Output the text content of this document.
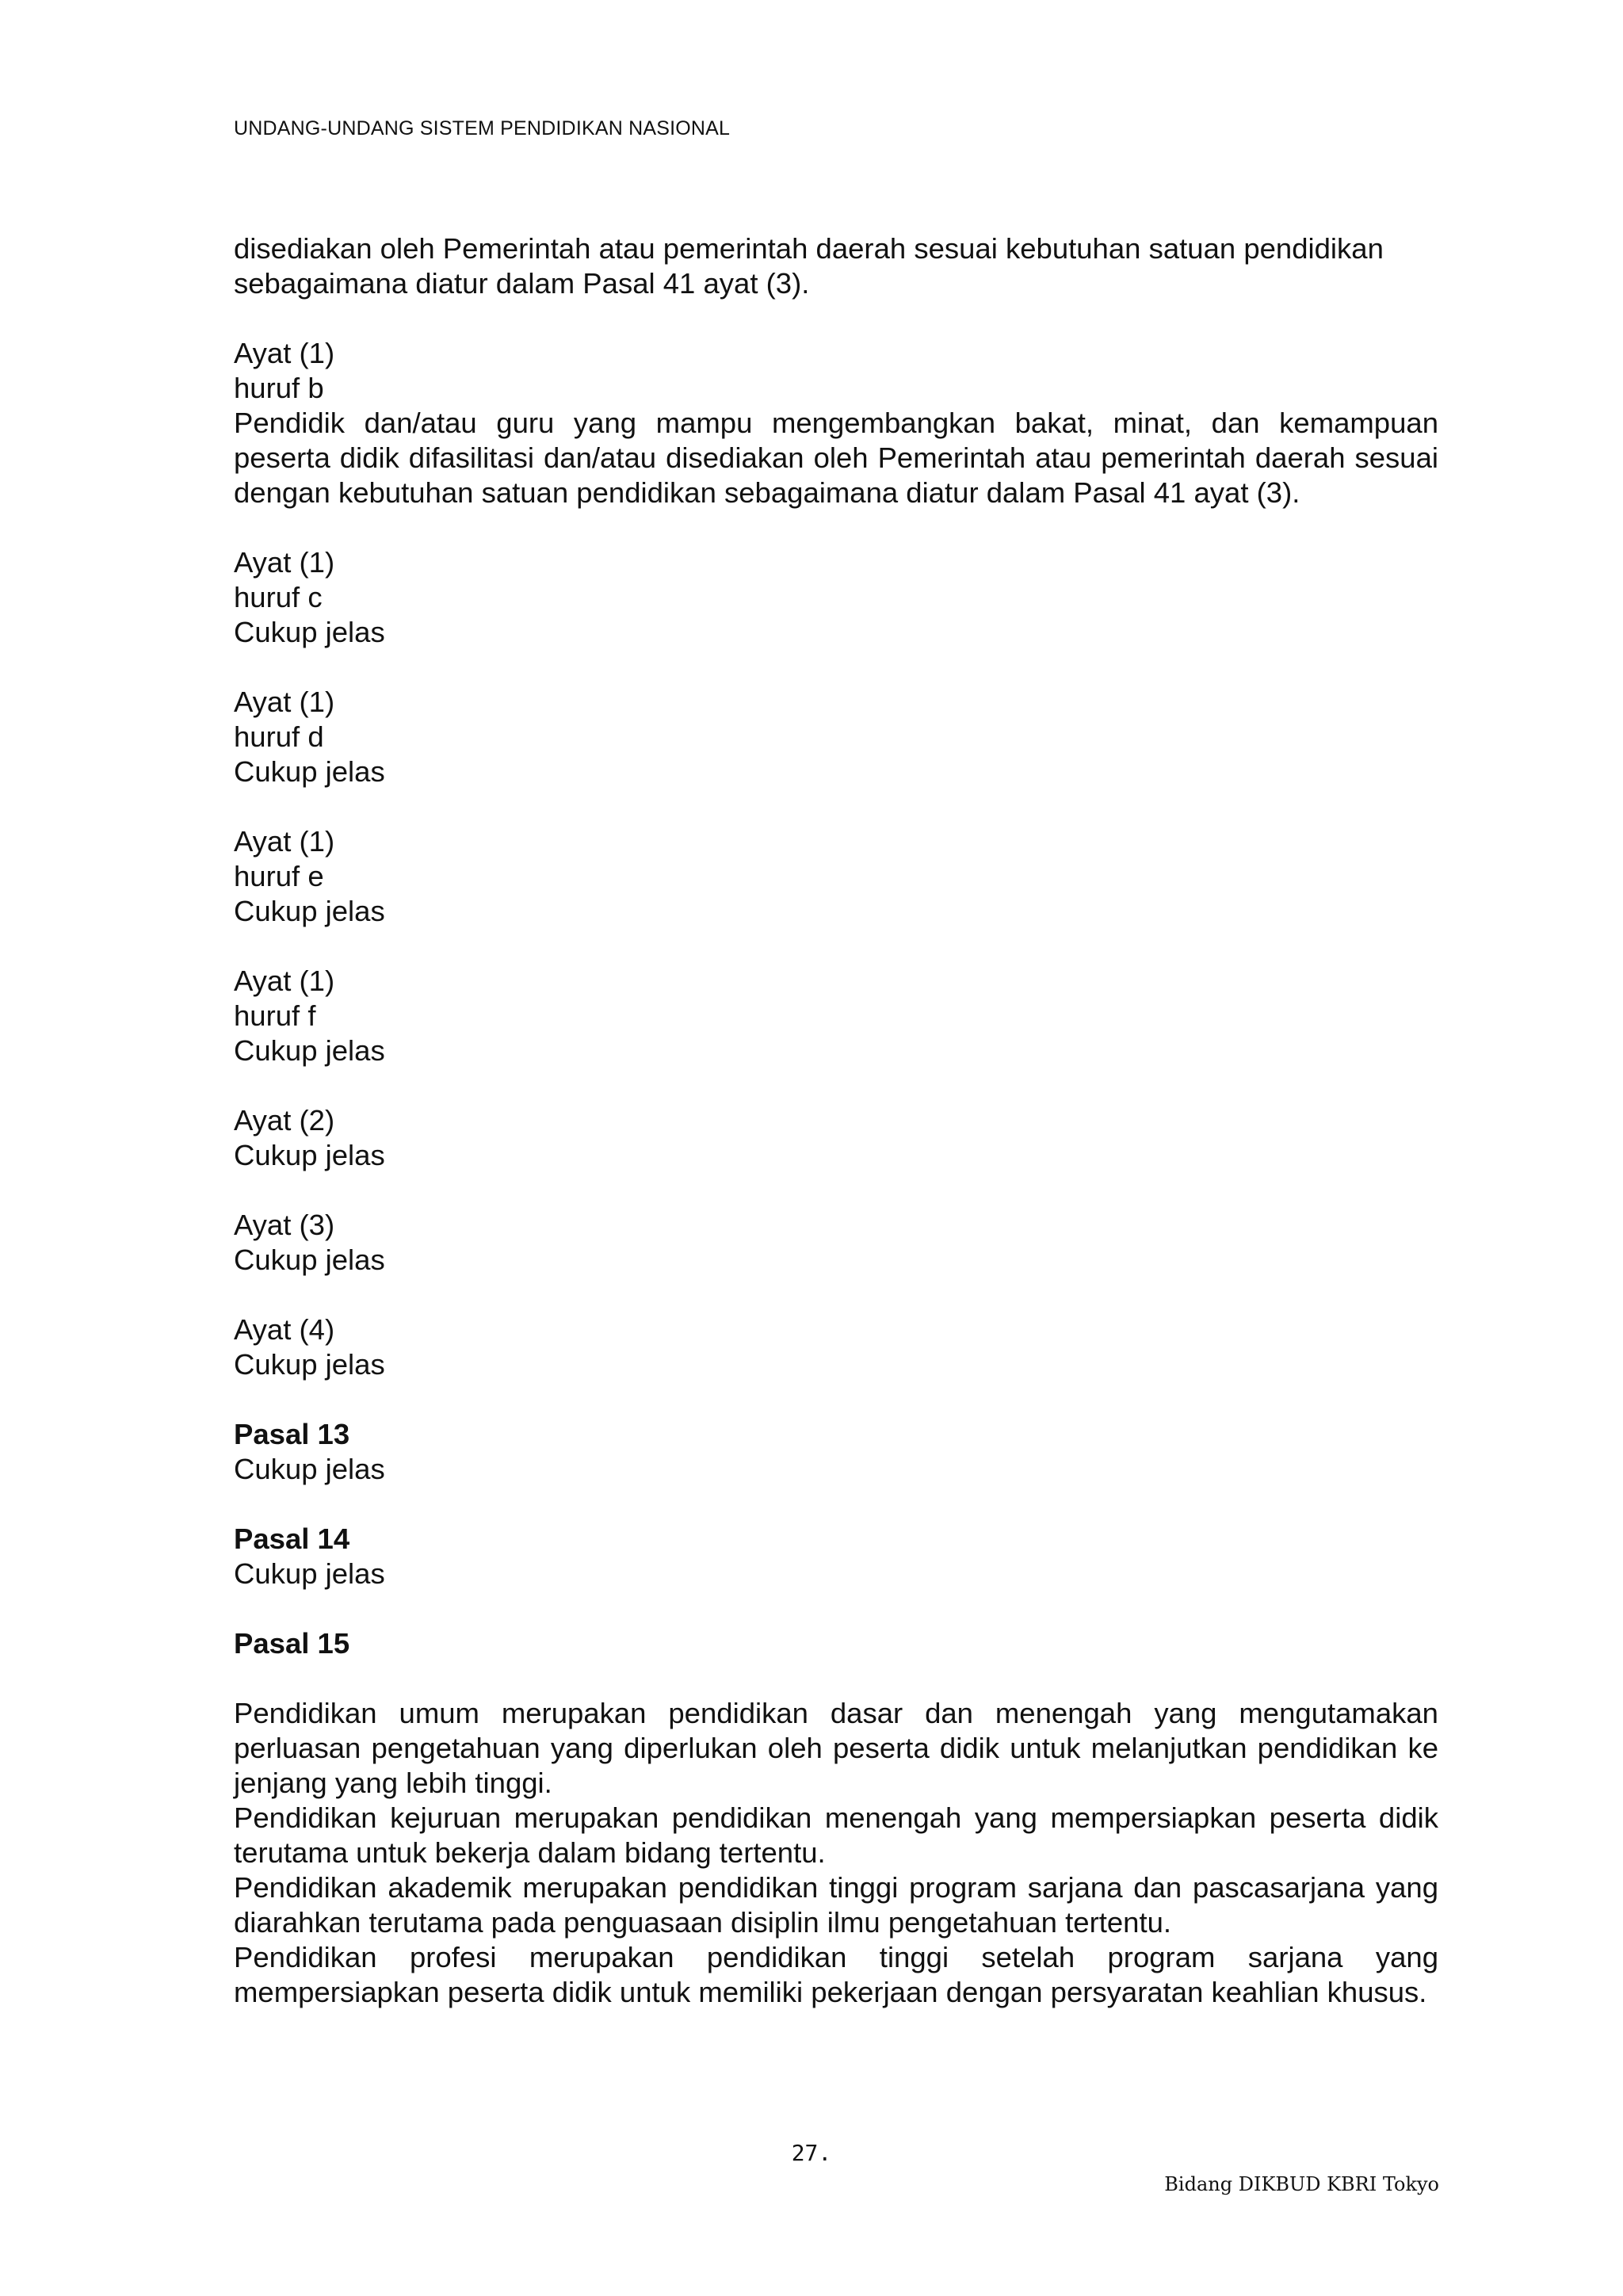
UNDANG-UNDANG SISTEM PENDIDIKAN NASIONAL

disediakan oleh Pemerintah atau pemerintah daerah sesuai kebutuhan satuan pendidikan

sebagaimana diatur dalam Pasal 41 ayat (3).

Ayat (1)

huruf b

Pendidik dan/atau guru yang mampu mengembangkan bakat, minat, dan kemampuan peserta didik difasilitasi dan/atau disediakan oleh Pemerintah atau pemerintah daerah sesuai dengan kebutuhan satuan pendidikan sebagaimana diatur dalam Pasal 41 ayat (3).

Ayat (1)

huruf c

Cukup jelas

Ayat (1)

huruf d

Cukup jelas

Ayat (1)

huruf e

Cukup jelas

Ayat (1)

huruf f

Cukup jelas

Ayat (2)

Cukup jelas

Ayat (3)

Cukup jelas

Ayat (4)

Cukup jelas

Pasal 13

Cukup jelas

Pasal 14

Cukup jelas

Pasal 15

Pendidikan umum merupakan pendidikan dasar dan menengah yang mengutamakan perluasan pengetahuan yang diperlukan oleh peserta didik untuk melanjutkan pendidikan ke jenjang yang lebih tinggi.

Pendidikan kejuruan merupakan pendidikan menengah yang mempersiapkan peserta didik terutama untuk bekerja dalam bidang tertentu.

Pendidikan akademik merupakan pendidikan tinggi program sarjana dan pascasarjana yang diarahkan terutama pada penguasaan disiplin ilmu pengetahuan tertentu.

Pendidikan profesi merupakan pendidikan tinggi setelah program sarjana yang mempersiapkan peserta didik untuk memiliki pekerjaan dengan persyaratan keahlian khusus.

27.
Bidang DIKBUD KBRI Tokyo
